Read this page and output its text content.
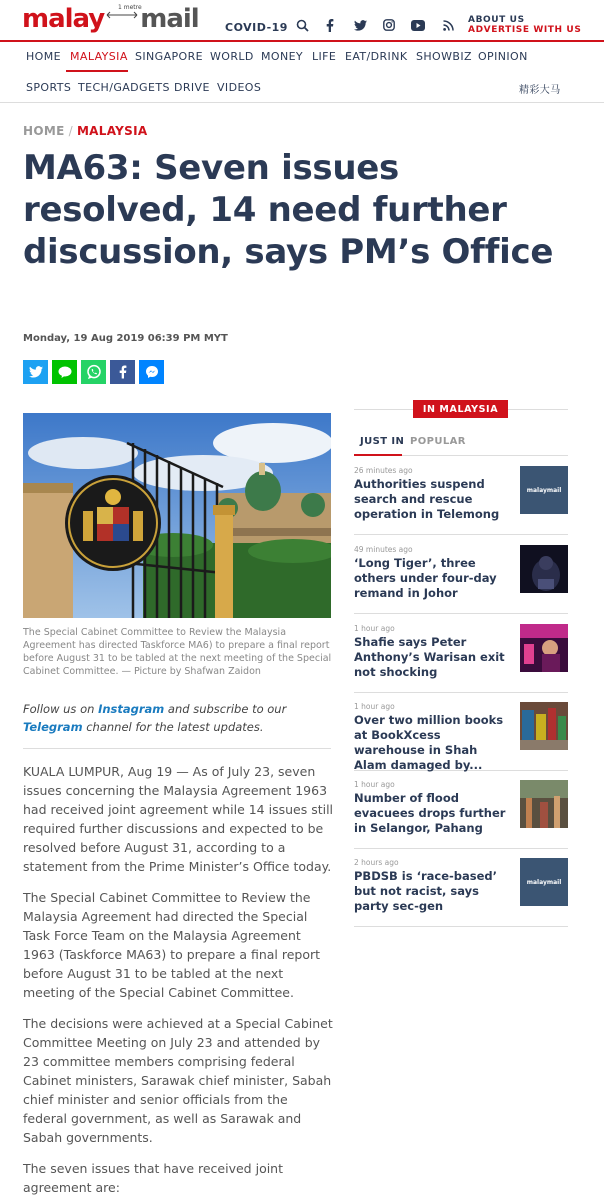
malay mail
1 metre
COVID-19
ABOUT US
ADVERTISE WITH US
HOME MALAYSIA SINGAPORE WORLD MONEY LIFE EAT/DRINK SHOWBIZ OPINION
SPORTS TECH/GADGETS DRIVE VIDEOS	精彩大马
HOME / MALAYSIA
MA63: Seven issues resolved, 14 need further discussion, says PM’s Office
Monday, 19 Aug 2019 06:39 PM MYT
The Special Cabinet Committee to Review the Malaysia Agreement has directed Taskforce MA6) to prepare a final report before August 31 to be tabled at the next meeting of the Special Cabinet Committee. — Picture by Shafwan Zaidon
Follow us on Instagram and subscribe to our Telegram channel for the latest updates.

KUALA LUMPUR, Aug 19 — As of July 23, seven issues concerning the Malaysia Agreement 1963 had received joint agreement while 14 issues still required further discussions and expected to be resolved before August 31, according to a statement from the Prime Minister’s Office today.

The Special Cabinet Committee to Review the Malaysia Agreement had directed the Special Task Force Team on the Malaysia Agreement 1963 (Taskforce MA63) to prepare a final report before August 31 to be tabled at the next meeting of the Special Cabinet Committee.

The decisions were achieved at a Special Cabinet Committee Meeting on July 23 and attended by 23 committee members comprising federal Cabinet ministers, Sarawak chief minister, Sabah chief minister and senior officials from the federal government, as well as Sarawak and Sabah governments.

The seven issues that have received joint agreement are:

IN MALAYSIA
JUST IN POPULAR
26 minutes ago
Authorities suspend search and rescue operation in Telemong
malaymail
49 minutes ago
‘Long Tiger’, three others under four-day remand in Johor
1 hour ago
Shafie says Peter Anthony’s Warisan exit not shocking
1 hour ago
Over two million books at BookXcess warehouse in Shah Alam damaged by...
1 hour ago
Number of flood evacuees drops further in Selangor, Pahang
2 hours ago
PBDSB is ‘race-based’ but not racist, says party sec-gen
malaymail
